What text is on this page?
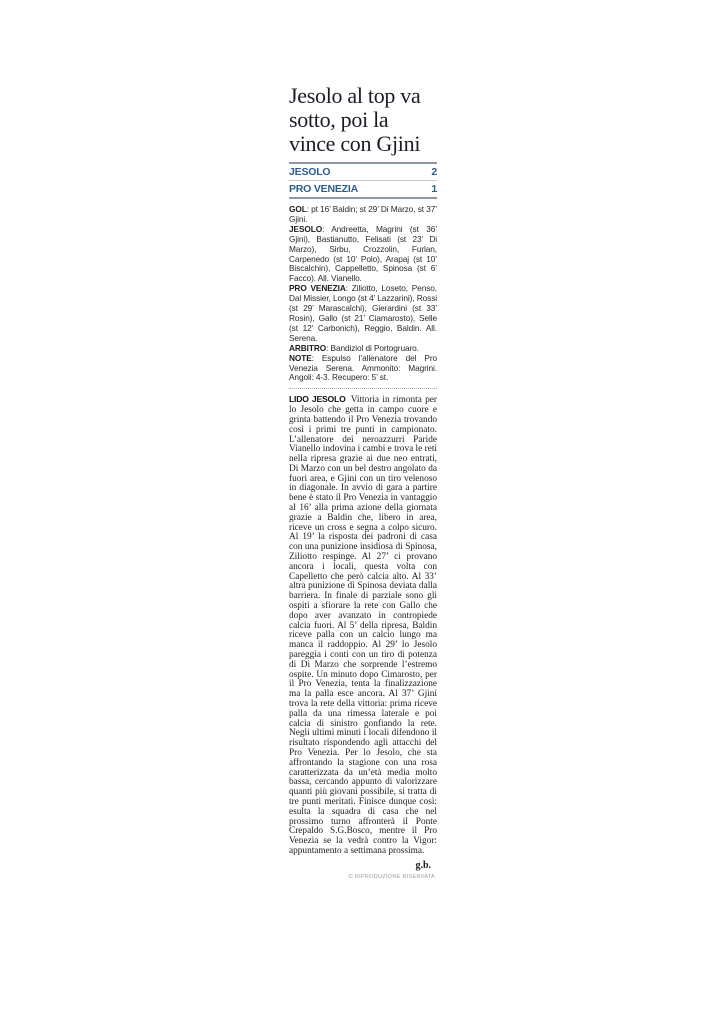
Jesolo al top va sotto, poi la vince con Gjini
JESOLO	2
PRO VENEZIA	1

GOL: pt 16’ Baldin; st 29’ Di Marzo, st 37’ Gjini.

JESOLO: Andreetta, Magrini (st 36’ Gjini), Bastianutto, Felisati (st 23’ Di Marzo), Sirbu, Crozzolin, Furlan, Carpenedo (st 10’ Polo), Arapaj (st 10’ Biscalchin), Cappelletto, Spinosa (st 6’ Facco). All. Vianello.

PRO VENEZIA: Ziliotto, Loseto, Penso, Dal Missier, Longo (st 4’ Lazzarini), Rossi (st 29’ Marascalchi), Gierardini (st 33’ Rosin), Gallo (st 21’ Ciamarosto), Selle (st 12’ Carbonich), Reggio, Baldin. All. Serena.

ARBITRO: Bandiziol di Portogruaro.

NOTE: Espulso l’allenatore del Pro Venezia Serena. Ammonito: Magrini. Angoli: 4-3. Recupero: 5’ st.

LIDO JESOLO Vittoria in rimonta per lo Jesolo che getta in campo cuore e grinta battendo il Pro Venezia trovando così i primi tre punti in campionato. L’allenatore dei neroazzurri Paride Vianello indovina i cambi e trova le reti nella ripresa grazie ai due neo entrati, Di Marzo con un bel destro angolato da fuori area, e Gjini con un tiro velenoso in diagonale. In avvio di gara a partire bene è stato il Pro Venezia in vantaggio al 16’ alla prima azione della giornata grazie a Baldin che, libero in area, riceve un cross e segna a colpo sicuro. Al 19’ la risposta dei padroni di casa con una punizione insidiosa di Spinosa, Ziliotto respinge. Al 27’ ci provano ancora i locali, questa volta con Capelletto che però calcia alto. Al 33’ altra punizione di Spinosa deviata dalla barriera. In finale di parziale sono gli ospiti a sfiorare la rete con Gallo che dopo aver avanzato in contropiede calcia fuori. Al 5’ della ripresa, Baldin riceve palla con un calcio lungo ma manca il raddoppio. Al 29’ lo Jesolo pareggia i conti con un tiro di potenza di Di Marzo che sorprende l’estremo ospite. Un minuto dopo Cimarosto, per il Pro Venezia, tenta la finalizzazione ma la palla esce ancora. Al 37’ Gjini trova la rete della vittoria: prima riceve palla da una rimessa laterale e poi calcia di sinistro gonfiando la rete. Negli ultimi minuti i locali difendono il risultato rispondendo agli attacchi del Pro Venezia. Per lo Jesolo, che sta affrontando la stagione con una rosa caratterizzata da un’età media molto bassa, cercando appunto di valorizzare quanti più giovani possibile, si tratta di tre punti meritati. Finisce dunque così: esulta la squadra di casa che nel prossimo turno affronterà il Ponte Crepaldo S.G.Bosco, mentre il Pro Venezia se la vedrà contro la Vigor: appuntamento a settimana prossima.

g.b.
© RIPRODUZIONE RISERVATA
